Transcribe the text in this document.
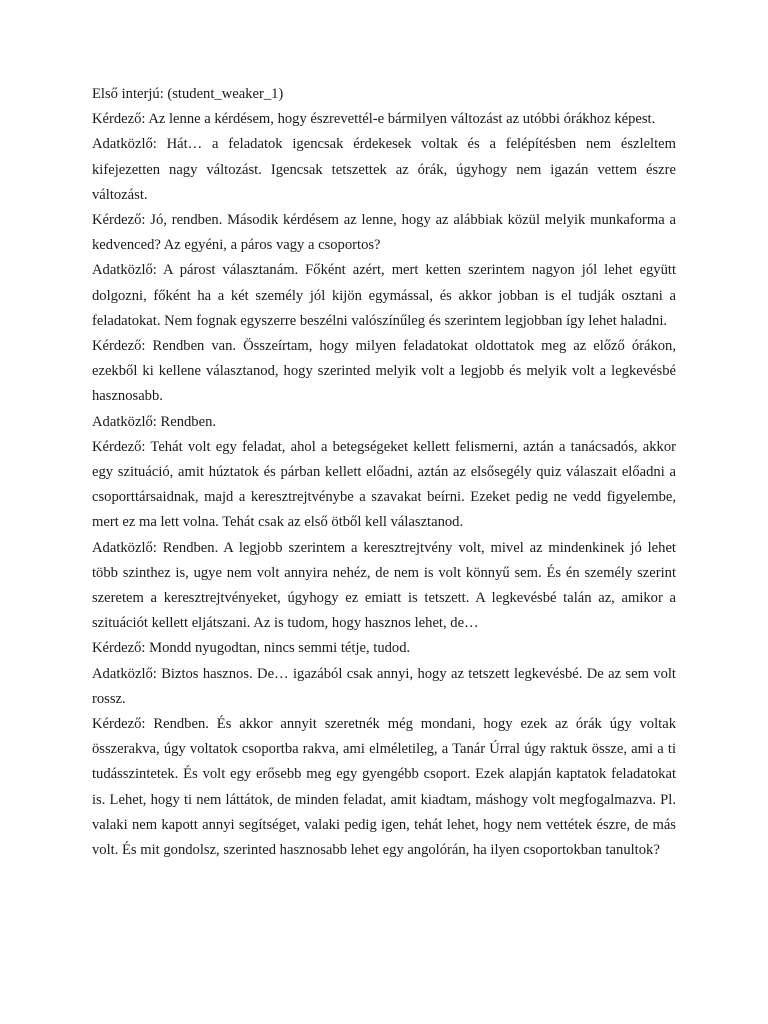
Első interjú: (student_weaker_1)

Kérdező: Az lenne a kérdésem, hogy észrevettél-e bármilyen változást az utóbbi órákhoz képest.

Adatközlő: Hát… a feladatok igencsak érdekesek voltak és a felépítésben nem észleltem kifejezetten nagy változást. Igencsak tetszettek az órák, úgyhogy nem igazán vettem észre változást.

Kérdező: Jó, rendben. Második kérdésem az lenne, hogy az alábbiak közül melyik munkaforma a kedvenced? Az egyéni, a páros vagy a csoportos?

Adatközlő: A párost választanám. Főként azért, mert ketten szerintem nagyon jól lehet együtt dolgozni, főként ha a két személy jól kijön egymással, és akkor jobban is el tudják osztani a feladatokat. Nem fognak egyszerre beszélni valószínűleg és szerintem legjobban így lehet haladni.

Kérdező: Rendben van. Összeírtam, hogy milyen feladatokat oldottatok meg az előző órákon, ezekből ki kellene választanod, hogy szerinted melyik volt a legjobb és melyik volt a legkevésbé hasznosabb.

Adatközlő: Rendben.

Kérdező: Tehát volt egy feladat, ahol a betegségeket kellett felismerni, aztán a tanácsadós, akkor egy szituáció, amit húztatok és párban kellett előadni, aztán az elsősegély quiz válaszait előadni a csoporttársaidnak, majd a keresztrejtvénybe a szavakat beírni. Ezeket pedig ne vedd figyelembe, mert ez ma lett volna. Tehát csak az első ötből kell választanod.

Adatközlő: Rendben. A legjobb szerintem a keresztrejtvény volt, mivel az mindenkinek jó lehet több szinthez is, ugye nem volt annyira nehéz, de nem is volt könnyű sem. És én személy szerint szeretem a keresztrejtvényeket, úgyhogy ez emiatt is tetszett. A legkevésbé talán az, amikor a szituációt kellett eljátszani. Az is tudom, hogy hasznos lehet, de…

Kérdező: Mondd nyugodtan, nincs semmi tétje, tudod.

Adatközlő: Biztos hasznos. De… igazából csak annyi, hogy az tetszett legkevésbé. De az sem volt rossz.

Kérdező: Rendben. És akkor annyit szeretnék még mondani, hogy ezek az órák úgy voltak összerakva, úgy voltatok csoportba rakva, ami elméletileg, a Tanár Úrral úgy raktuk össze, ami a ti tudásszintetek. És volt egy erősebb meg egy gyengébb csoport. Ezek alapján kaptatok feladatokat is. Lehet, hogy ti nem láttátok, de minden feladat, amit kiadtam, máshogy volt megfogalmazva. Pl. valaki nem kapott annyi segítséget, valaki pedig igen, tehát lehet, hogy nem vettétek észre, de más volt. És mit gondolsz, szerinted hasznosabb lehet egy angolórán, ha ilyen csoportokban tanultok?
